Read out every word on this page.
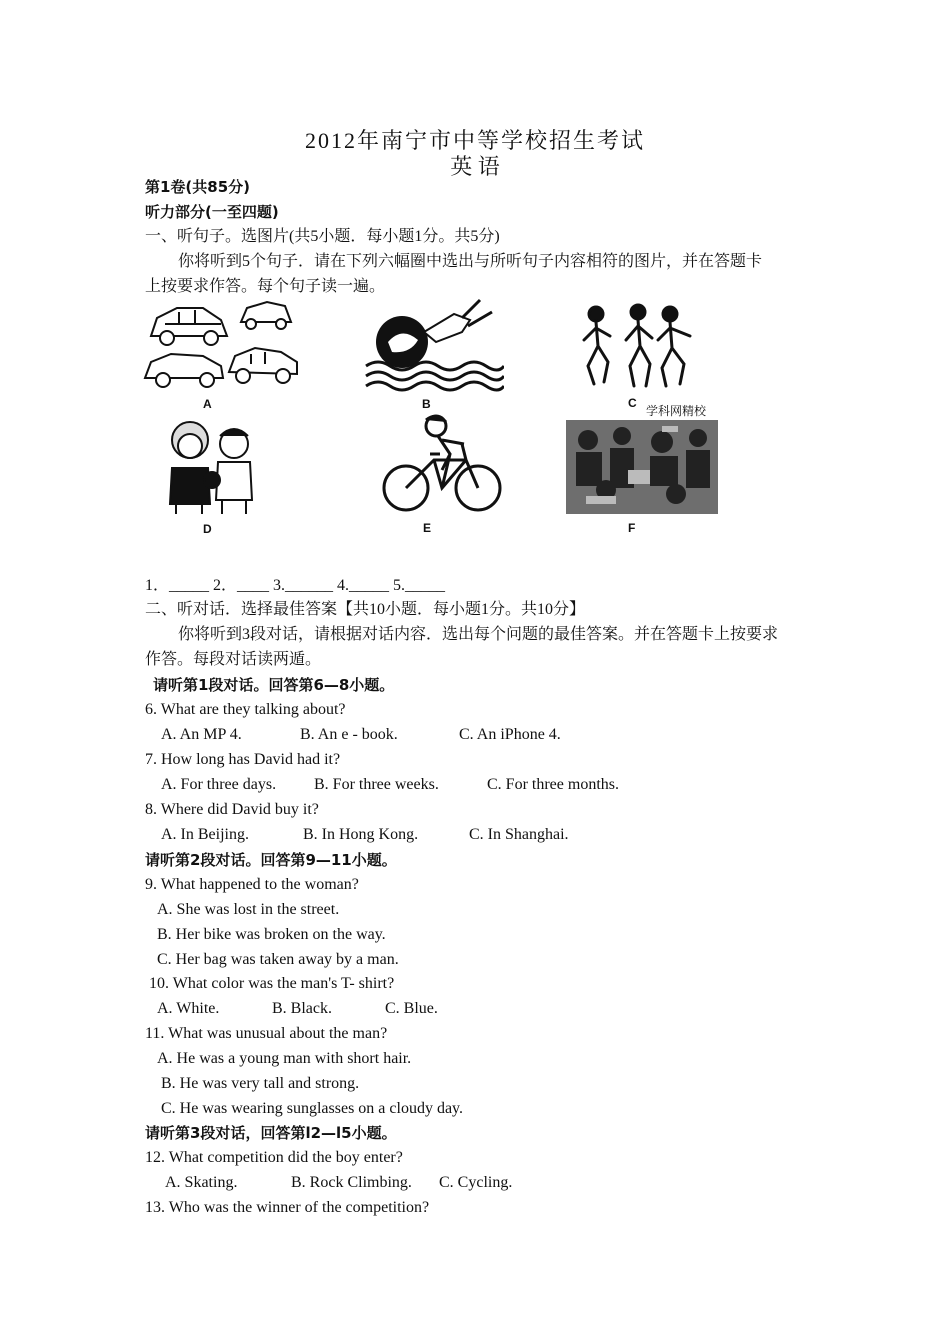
2012年南宁市中等学校招生考试
英 语
第1卷(共85分)
听力部分(一至四题)
一、听句子。选图片(共5小题．每小题1分。共5分)
你将听到5个句子．请在下列六幅圈中选出与所听句子内容相符的图片，并在答题卡
上按要求作答。每个句子读一遍。
A	B	C
学科网精校
D	E	F
1．_____ 2．____ 3.______ 4._____ 5._____
二、听对话．选择最佳答案【共10小题．每小题1分。共10分】
你将听到3段对话，请根据对话内容．选出每个问题的最佳答案。并在答题卡上按要求
作答。每段对话读两遁。
请听第1段对话。回答第6—8小题。
6. What are they talking about?
A. An MP 4.	B. An e - book.	C. An iPhone 4.
7. How long has David had it?
A. For three days. B. For three weeks.	C. For three months.
8. Where did David buy it?
A. In Beijing.	B. In Hong Kong.	C. In Shanghai.
请听第2段对话。回答第9—11小题。
9. What happened to the woman?
A. She was lost in the street.
B. Her bike was broken on the way.
C. Her bag was taken away by a man.
10. What color was the man's T- shirt?
A. White.	B. Black.	C. Blue.
11. What was unusual about the man?
A. He was a young man with short hair.
B. He was very tall and strong.
C. He was wearing sunglasses on a cloudy day.
请听第3段对话，回答第l2—l5小题。
12. What competition did the boy enter?
A. Skating.	B. Rock Climbing. C. Cycling.
13. Who was the winner of the competition?
